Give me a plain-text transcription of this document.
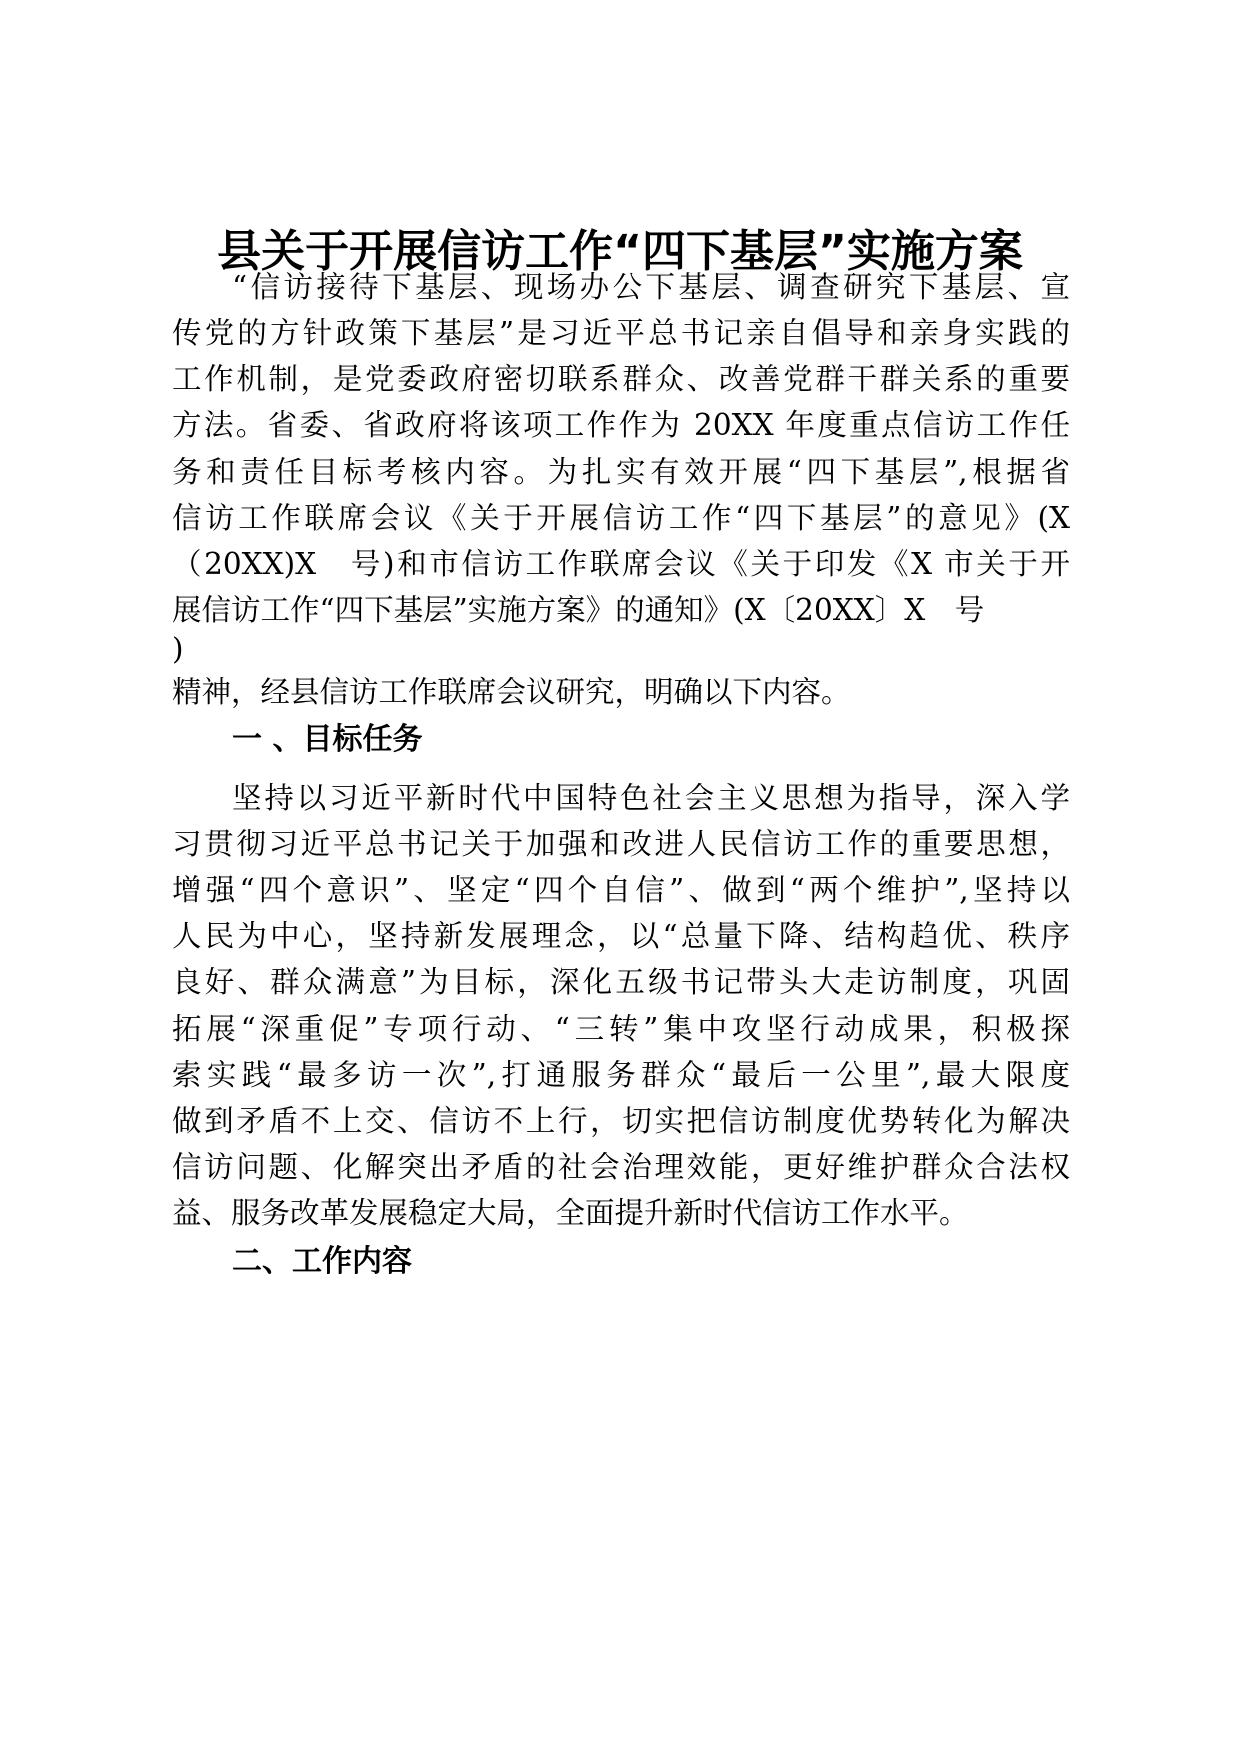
县关于开展信访工作“四下基层”实施方案
“信访接待下基层、现场办公下基层、调查研究下基层、宣
传党的方针政策下基层”是习近平总书记亲自倡导和亲身实践的
工作机制，是党委政府密切联系群众、改善党群干群关系的重要
方法。省委、省政府将该项工作作为 20XX 年度重点信访工作任
务和责任目标考核内容。为扎实有效开展“四下基层”,根据省
信访工作联席会议《关于开展信访工作“四下基层”的意见》(X
（20XX)X　号)和市信访工作联席会议《关于印发《X 市关于开
展信访工作“四下基层”实施方案》的通知》(X〔20XX〕X　号
)
精神，经县信访工作联席会议研究，明确以下内容。
一 、目标任务
坚持以习近平新时代中国特色社会主义思想为指导，深入学
习贯彻习近平总书记关于加强和改进人民信访工作的重要思想，
增强“四个意识”、坚定“四个自信”、做到“两个维护”,坚持以
人民为中心，坚持新发展理念，以“总量下降、结构趋优、秩序
良好、群众满意”为目标，深化五级书记带头大走访制度，巩固
拓展“深重促”专项行动、“三转”集中攻坚行动成果，积极探
索实践“最多访一次”,打通服务群众“最后一公里”,最大限度
做到矛盾不上交、信访不上行，切实把信访制度优势转化为解决
信访问题、化解突出矛盾的社会治理效能，更好维护群众合法权
益、服务改革发展稳定大局，全面提升新时代信访工作水平。
二、工作内容
